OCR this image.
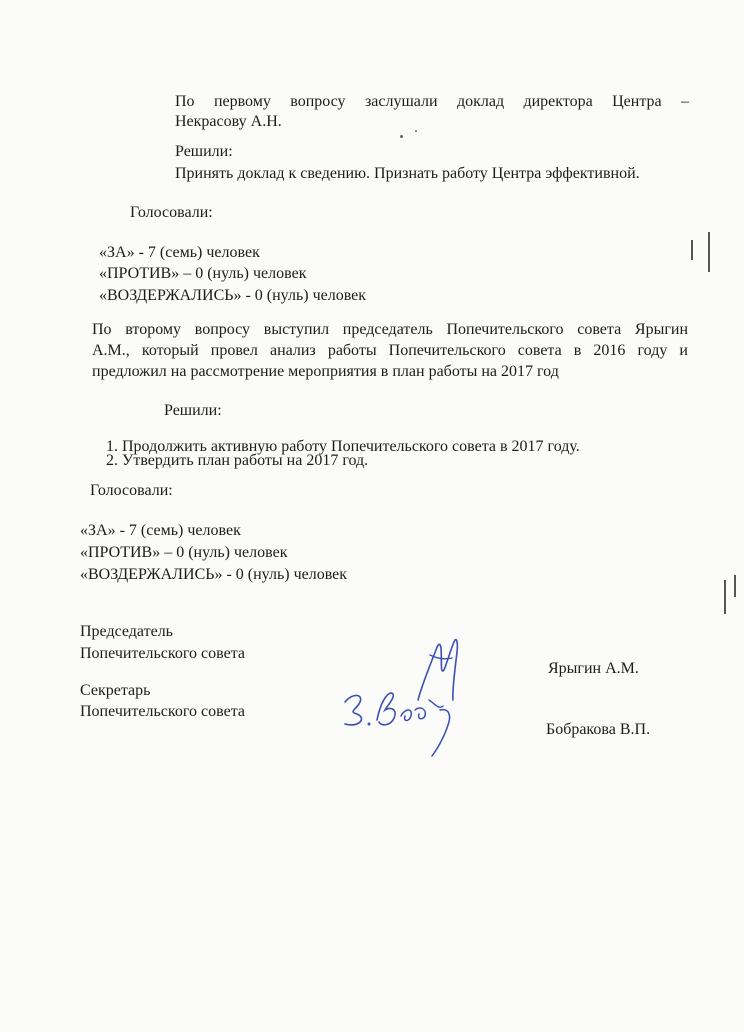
По первому вопросу заслушали доклад директора Центра –
Некрасову А.Н.
Решили:
Принять доклад к сведению. Признать работу Центра эффективной.
Голосовали:
«ЗА» - 7 (семь) человек
«ПРОТИВ» – 0 (нуль) человек
«ВОЗДЕРЖАЛИСЬ» - 0 (нуль) человек
По второму вопросу выступил председатель Попечительского совета Ярыгин
А.М., который провел анализ работы Попечительского совета в 2016 году и
предложил на рассмотрение мероприятия в план работы на 2017 год
Решили:
1. Продолжить активную работу Попечительского совета в 2017 году.
2. Утвердить план работы на 2017 год.
Голосовали:
«ЗА» - 7 (семь) человек
«ПРОТИВ» – 0 (нуль) человек
«ВОЗДЕРЖАЛИСЬ» - 0 (нуль) человек
Председатель
Попечительского совета
Ярыгин А.М.
Секретарь
Попечительского совета
Бобракова В.П.
